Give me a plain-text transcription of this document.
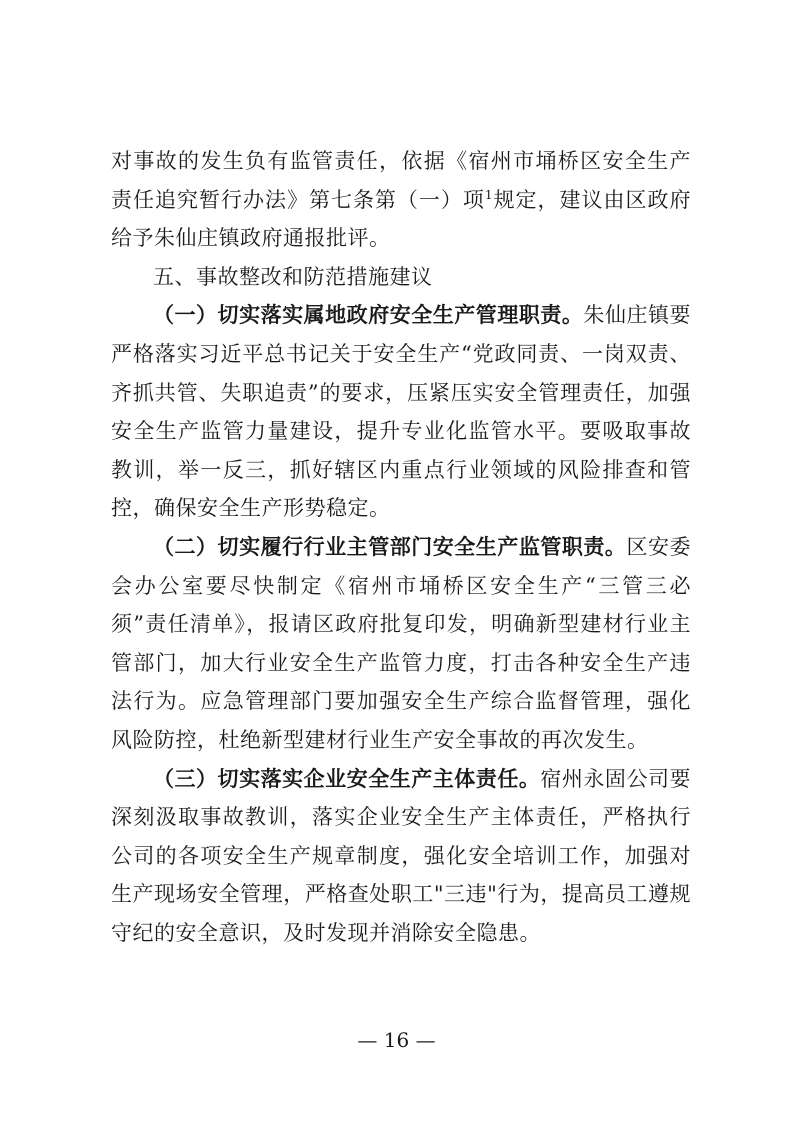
对事故的发生负有监管责任，依据《宿州市埇桥区安全生产责任追究暂行办法》第七条第（一）项$^1$规定，建议由区政府给予朱仙庄镇政府通报批评。

五、事故整改和防范措施建议

（一）切实落实属地政府安全生产管理职责。朱仙庄镇要严格落实习近平总书记关于安全生产“党政同责、一岗双责、齐抓共管、失职追责”的要求，压紧压实安全管理责任，加强安全生产监管力量建设，提升专业化监管水平。要吸取事故教训，举一反三，抓好辖区内重点行业领域的风险排查和管控，确保安全生产形势稳定。

（二）切实履行行业主管部门安全生产监管职责。区安委会办公室要尽快制定《宿州市埇桥区安全生产“三管三必须”责任清单》，报请区政府批复印发，明确新型建材行业主管部门，加大行业安全生产监管力度，打击各种安全生产违法行为。应急管理部门要加强安全生产综合监督管理，强化风险防控，杜绝新型建材行业生产安全事故的再次发生。

（三）切实落实企业安全生产主体责任。宿州永固公司要深刻汲取事故教训，落实企业安全生产主体责任，严格执行公司的各项安全生产规章制度，强化安全培训工作，加强对生产现场安全管理，严格查处职工"三违"行为，提高员工遵规守纪的安全意识，及时发现并消除安全隐患。

— 16 —
